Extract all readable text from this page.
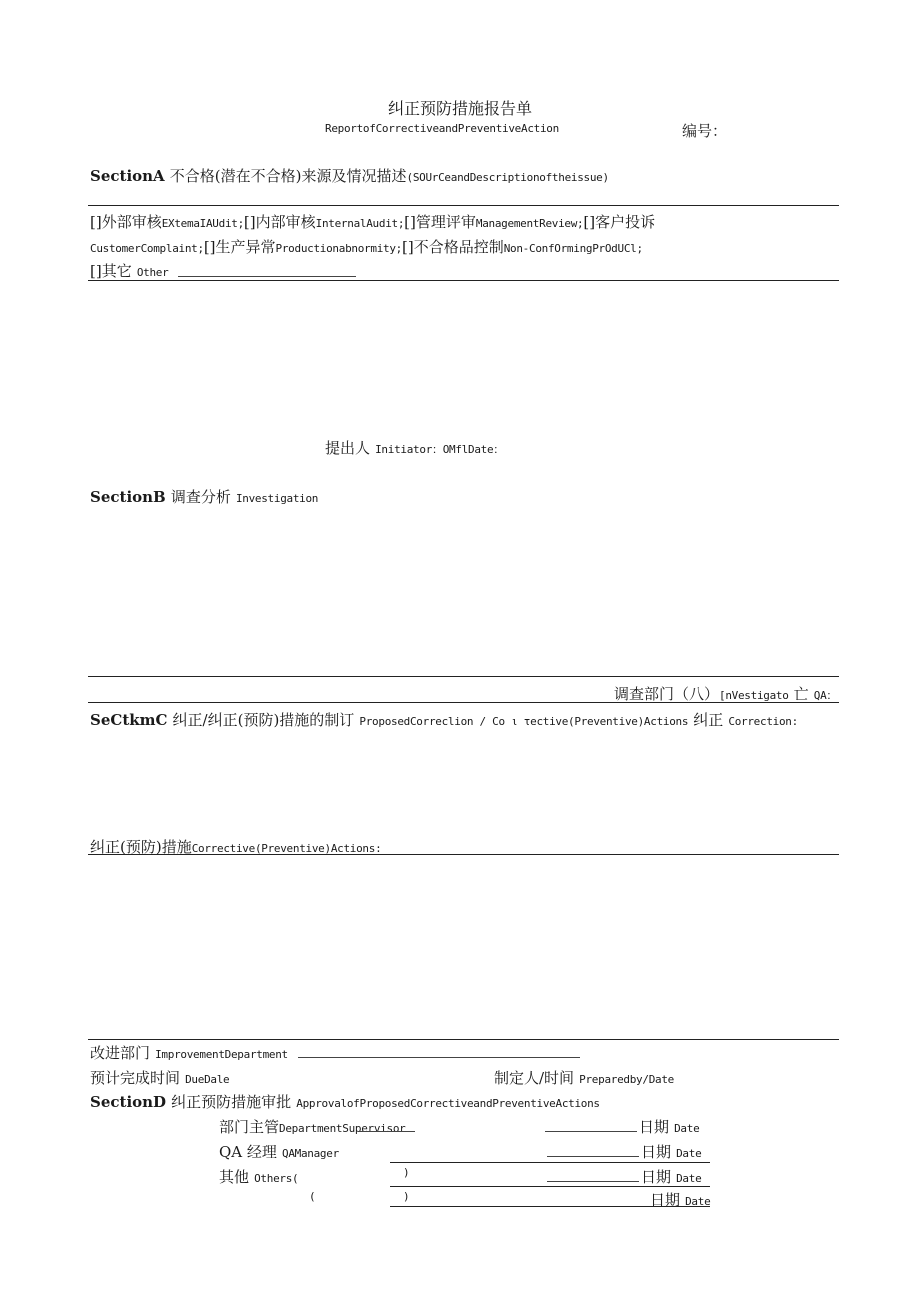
纠正预防措施报告单
ReportofCorrectiveandPreventiveAction	编号：
SectionA 不合格(潜在不合格)来源及情况描述(SOUrCeandDescriptionoftheissue)
[]外部审核EXtemaIAUdit;[]内部审核InternalAudit;[]管理评审ManagementReview;[]客户投诉
CustomerComplaint;[]生产异常Productionabnormity;[]不合格品控制Non-ConfOrmingPrOdUCl;
[]其它 Other
提出人 Initiator：OMflDate：
SectionB 调查分析 Investigation
调查部门（八）[nVestigato 亡 QA：
SeCtkmC 纠正/纠正(预防)措施的制订 ProposedCorreclion / Co ι τective(Preventive)Actions 纠正 Correction:
纠正(预防)措施Corrective(Preventive)Actions:
改进部门 ImprovementDepartment
预计完成时间 DueDale	制定人/时间 Preparedby/Date
SectionD 纠正预防措施审批 ApprovalofProposedCorrectiveandPreventiveActions
部门主管DepartmentSupervisor	日期 Date
QA 经理 QAManager	日期 Date
其他 Others(	)	日期 Date
(	)	日期 Date
